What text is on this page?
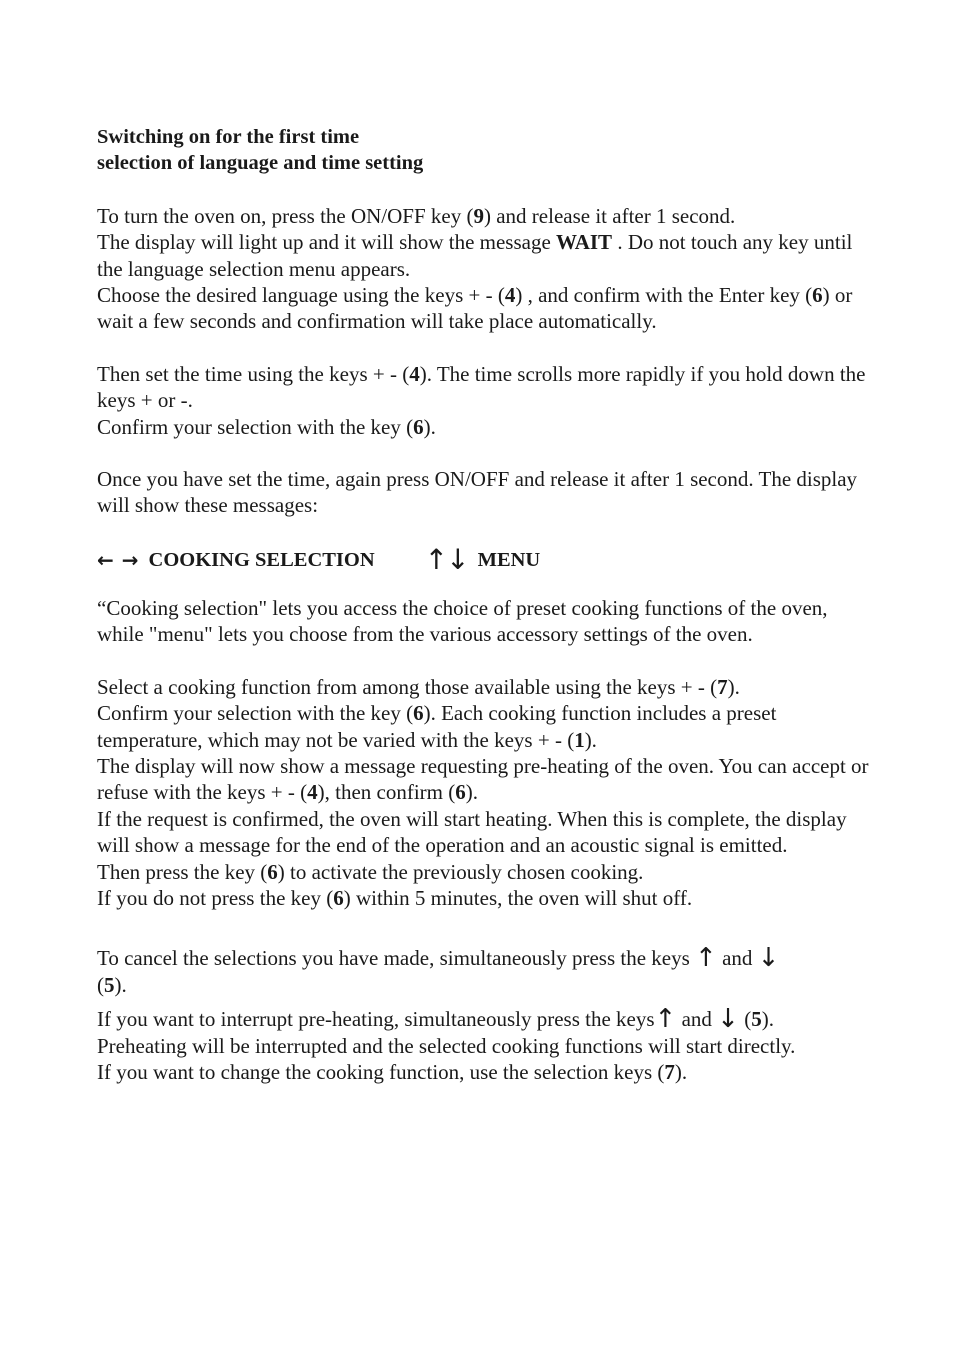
Switching on for the first time
selection of language and time setting

To turn the oven on, press the ON/OFF key (9) and release it after 1 second.
The display will light up and it will show the message WAIT . Do not touch any key until the language selection menu appears.

Choose the desired language using the keys + - (4) , and confirm with the Enter key (6) or wait a few seconds and confirmation will take place automatically.

Then set the time using the keys + - (4). The time scrolls more rapidly if you hold down the keys + or -.
Confirm your selection with the key (6).

Once you have set the time, again press ON/OFF and release it after 1 second. The display will show these messages:

← → COOKING SELECTION ↑ ↓ MENU

“Cooking selection" lets you access the choice of preset cooking functions of the oven, while "menu" lets you choose from the various accessory settings of the oven.

Select a cooking function from among those available using the keys + - (7).
Confirm your selection with the key (6). Each cooking function includes a preset temperature, which may not be varied with the keys + - (1).
The display will now show a message requesting pre-heating of the oven. You can accept or refuse with the keys + - (4), then confirm (6).
If the request is confirmed, the oven will start heating. When this is complete, the display will show a message for the end of the operation and an acoustic signal is emitted.
Then press the key (6) to activate the previously chosen cooking.
If you do not press the key (6) within 5 minutes, the oven will shut off.

To cancel the selections you have made, simultaneously press the keys ↑ and ↓
(5).

If you want to interrupt pre-heating, simultaneously press the keys↑ and ↓ (5).
Preheating will be interrupted and the selected cooking functions will start directly.
If you want to change the cooking function, use the selection keys (7).
